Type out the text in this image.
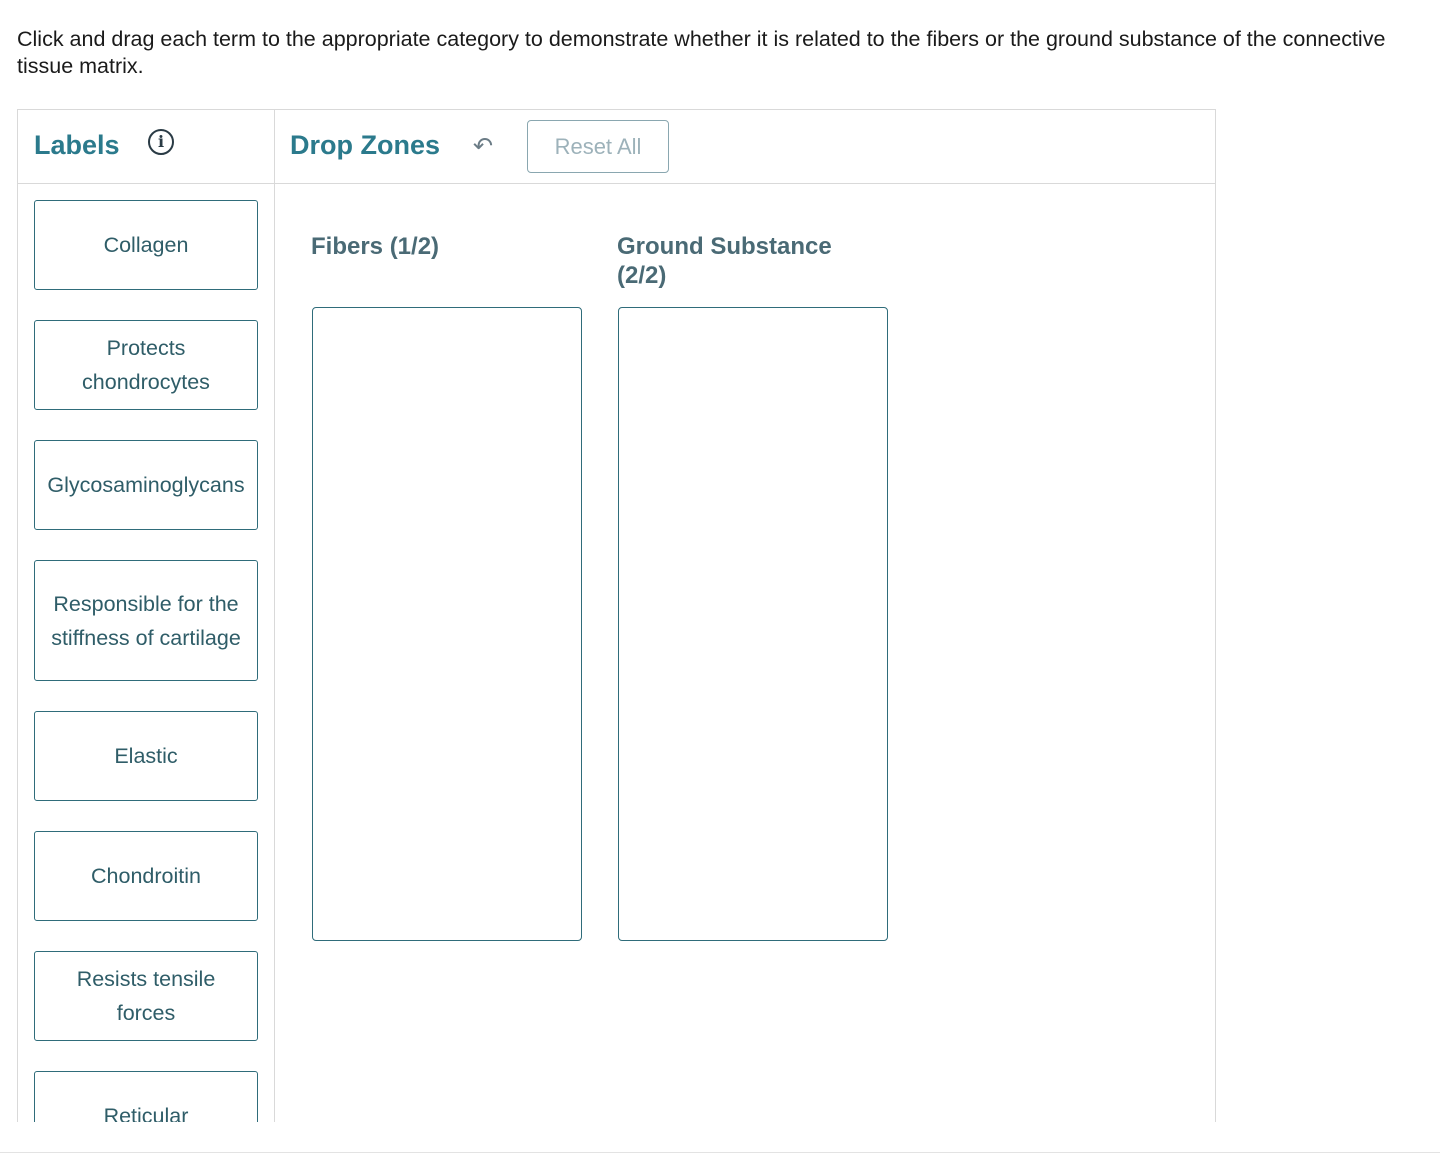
Click and drag each term to the appropriate category to demonstrate whether it is related to the fibers or the ground substance of the connective tissue matrix.
Labels	i
Collagen
Protects chondrocytes
Glycosaminoglycans
Responsible for the stiffness of cartilage
Elastic
Chondroitin
Resists tensile forces
Reticular
Drop Zones ↶	Reset All
Fibers (1/2)	Ground Substance (2/2)
